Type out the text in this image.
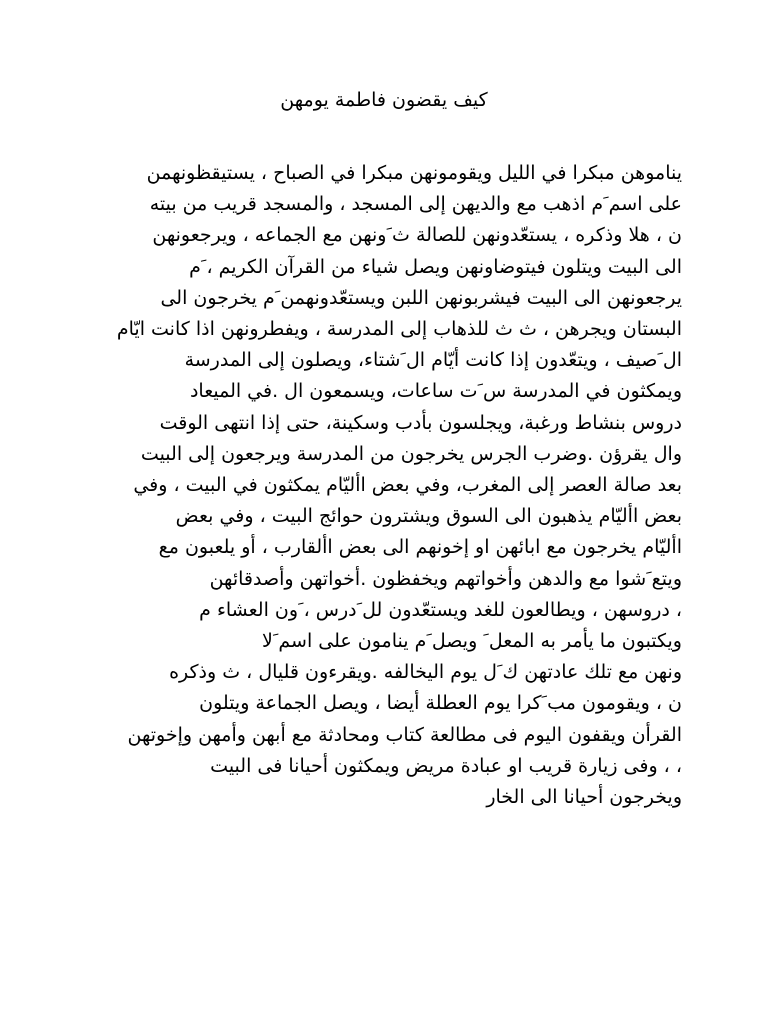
كيف يقضون فاطمة يومهن
يناموهن مبكرا في الليل ويقومونهن مبكرا في الصباح ، يستيقظونهمن
على اسم َم اذهب مع والديهن إلى المسجد ، والمسجد قريب من بيته
ن ، هلا وذكره ، يستعّدونهن للصالة ث َونهن مع الجماعه ، ويرجعونهن
الى البيت ويتلون فيتوضاونهن ويصل شياء من القرآن الكريم ، َم
يرجعونهن الى البيت فيشربونهن اللبن ويستعّدونهمن َم يخرجون الى
البستان ويجرهن ، ث ث للذهاب إلى المدرسة ، ويفطرونهن اذا كانت ايّام
ال َصيف ، ويتعّدون إذا كانت أيّام ال َشتاء، ويصلون إلى المدرسة
ويمكثون في المدرسة س َت ساعات، ويسمعون ال .في الميعاد
َدروس بنشاط ورغبة، ويجلسون بأدب وسكينة، حتى إذا انتهى الوقت
وال يقرؤن .وضرب الجرس يخرجون من المدرسة ويرجعون إلى البيت
بعد صالة العصر إلى المغرب، وفي بعض األيّام يمكثون في البيت ، وفي
بعض األيّام يذهبون الى السوق ويشترون حوائج البيت ، وفي بعض
األيّام يخرجون مع ابائهن او إخونهم الى بعض األقارب ، أو يلعبون مع
ويتع َشوا مع والدهن وأخواتهم ويخفظون .أخواتهن وأصدقائهن
، دروسهن ، ويطالعون للغد ويستعّدون لل َدرس ، َون العشاء م
ويكتبون ما يأمر به المعل َ ويصل َم ينامون على اسم َلا
َونهن مع تلك عادتهن ك َل يوم اليخالفه .ويقرءون قليال ، ث وذكره
ن ، ويقومون مب َكرا يوم العطلة أيضا ، ويصل الجماعة ويتلون
القرأن ويقفون اليوم فى مطالعة كتاب ومحادثة مع أبهن وأمهن وإخوتهن
، ، وفى زيارة قريب او عبادة مريض ويمكثون أحيانا فى البيت
ويخرجون أحيانا الى الخار
